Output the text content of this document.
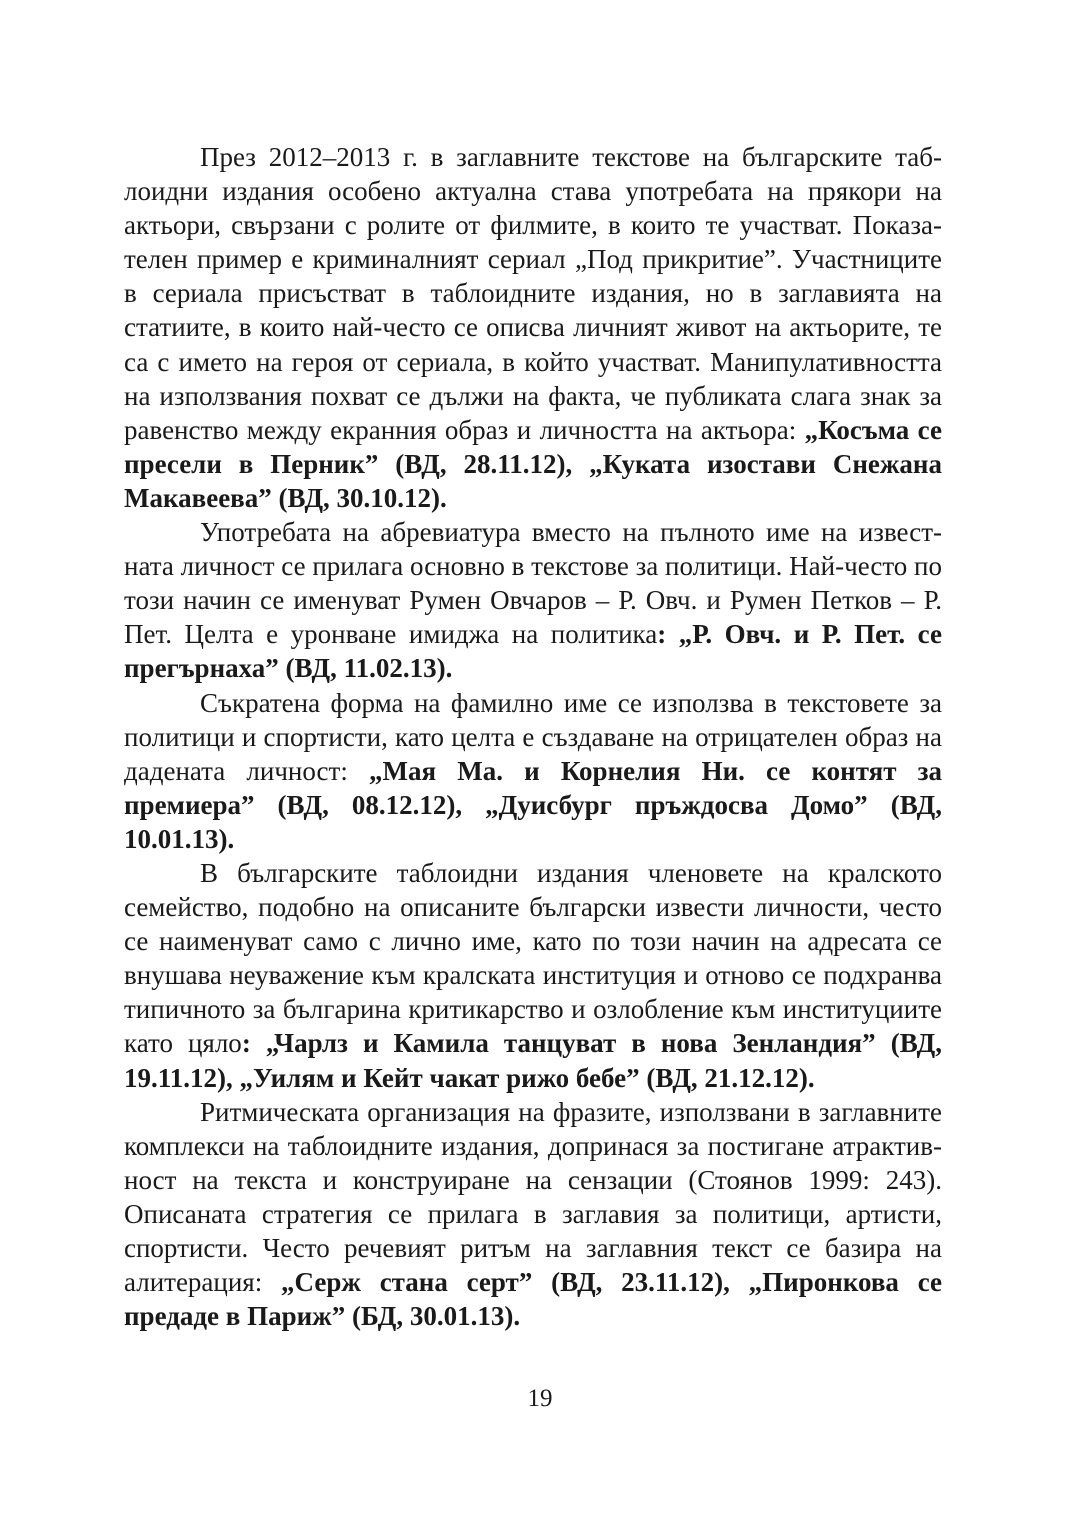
През 2012–2013 г. в заглавните текстове на българските таблоидни издания особено актуална става употребата на прякори на актьори, свързани с ролите от филмите, в които те участват. Показателен пример е криминалният сериал „Под прикритие”. Участниците в сериала присъстват в таблоидните издания, но в заглавията на статиите, в които най-често се описва личният живот на актьорите, те са с името на героя от сериала, в който участват. Манипулативността на използвания похват се дължи на факта, че публиката слага знак за равенство между екранния образ и личността на актьора: „Косъма се пресели в Перник” (ВД, 28.11.12), „Куката изостави Снежана Макавеева” (ВД, 30.10.12).

Употребата на абревиатура вместо на пълното име на известната личност се прилага основно в текстове за политици. Най-често по този начин се именуват Румен Овчаров – Р. Овч. и Румен Петков – Р. Пет. Целта е уронване имиджа на политика: „Р. Овч. и Р. Пет. се прегърнаха” (ВД, 11.02.13).

Съкратена форма на фамилно име се използва в текстовете за политици и спортисти, като целта е създаване на отрицателен образ на дадената личност: „Мая Ма. и Корнелия Ни. се контят за премиера” (ВД, 08.12.12), „Дуисбург пръждосва Домо” (ВД, 10.01.13).

В българските таблоидни издания членовете на кралското семейство, подобно на описаните български извести личности, често се наименуват само с лично име, като по този начин на адресата се внушава неуважение към кралската институция и отново се подхранва типичното за българина критикарство и озлобление към институциите като цяло: „Чарлз и Камила танцуват в нова Зенландия” (ВД, 19.11.12), „Уилям и Кейт чакат рижо бебе” (ВД, 21.12.12).

Ритмическата организация на фразите, използвани в заглавните комплекси на таблоидните издания, допринася за постигане атрактивност на текста и конструиране на сензации (Стоянов 1999: 243). Описаната стратегия се прилага в заглавия за политици, артисти, спортисти. Често речевият ритъм на заглавния текст се базира на алитерация: „Серж стана серт” (ВД, 23.11.12), „Пиронкова се предаде в Париж” (БД, 30.01.13).

19
